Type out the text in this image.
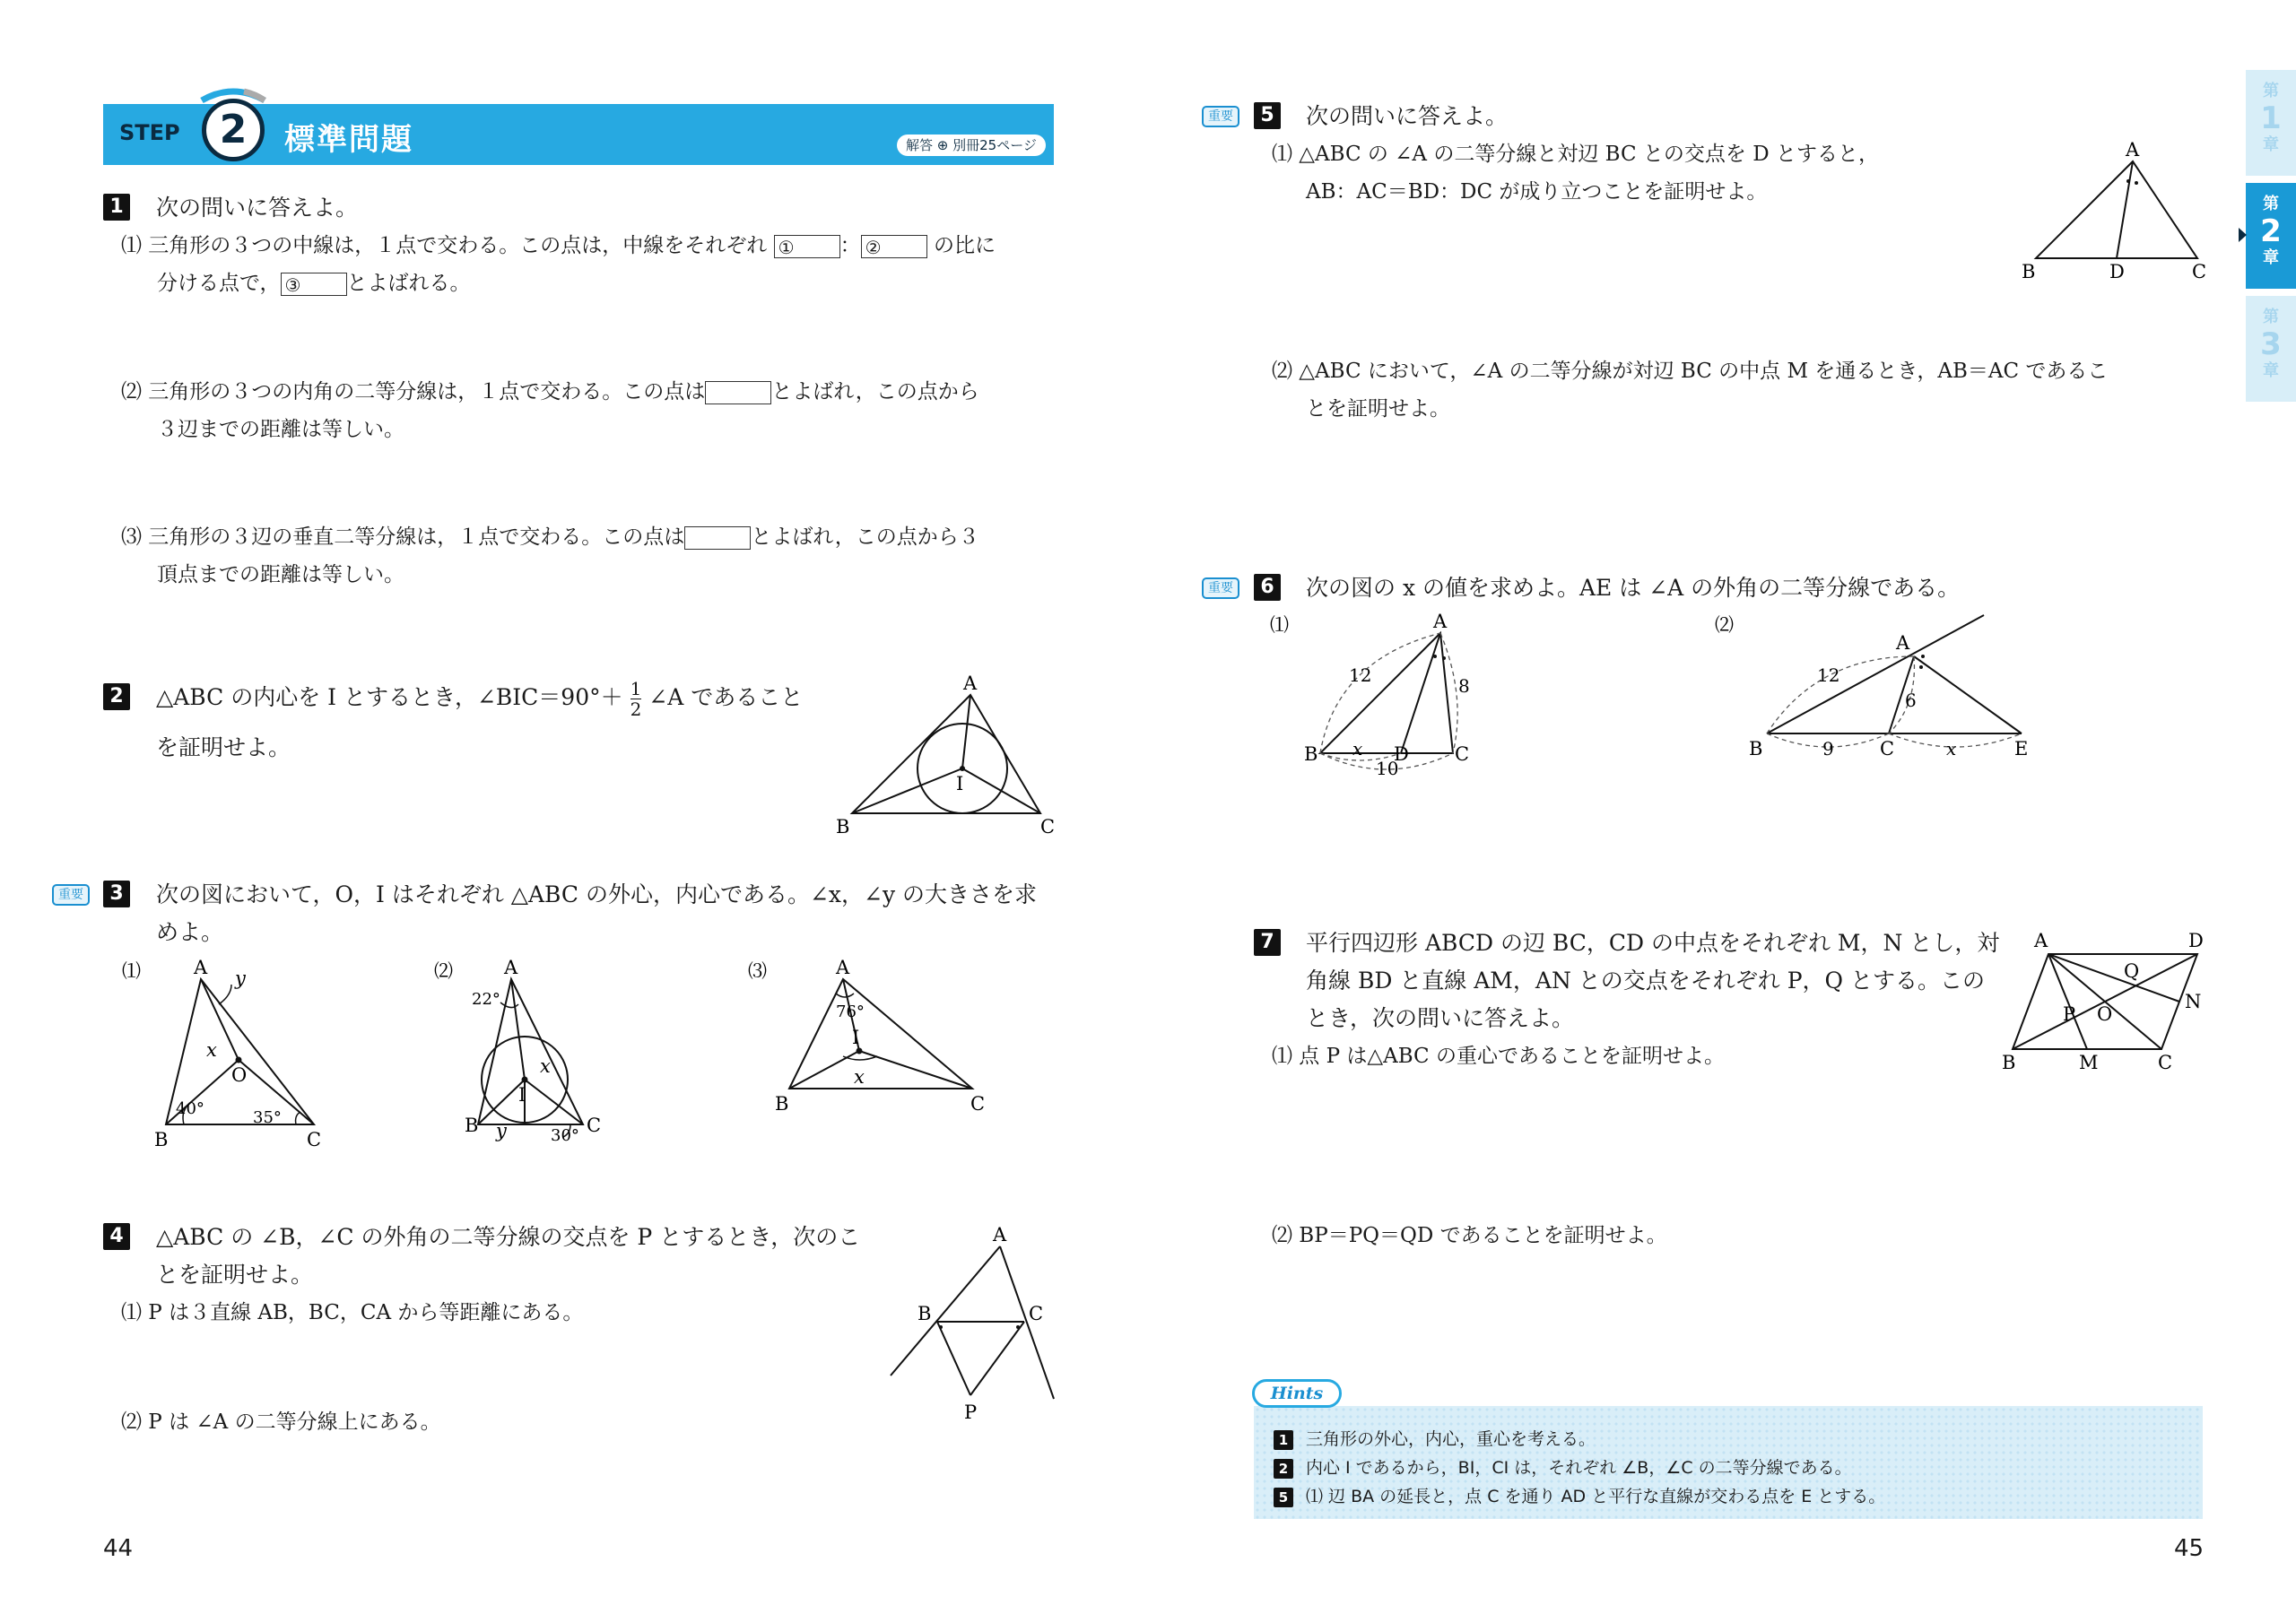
STEP	2	標準問題	解答 ⊕ 別冊25ページ
第
1
章
第
2
章
第
3
章
1 次の問いに答えよ。
⑴ 三角形の３つの中線は，１点で交わる。この点は，中線をそれぞれ ① ： ②	の比に
分ける点で， ③ とよばれる。
⑵ 三角形の３つの内角の二等分線は，１点で交わる。この点は	とよばれ，この点から
３辺までの距離は等しい。
⑶ 三角形の３辺の垂直二等分線は，１点で交わる。この点は	とよばれ，この点から３
頂点までの距離は等しい。
2 △ABC の内心を I とするとき，∠BIC＝90°＋ $\frac{1}{2}$ ∠A であること
を証明せよ。
A
B	C
I
重要	3 次の図において，O，I はそれぞれ △ABC の外心，内心である。∠x，∠y の大きさを求
めよ。
⑴	A
B	C
O
x
y
40°	35°
⑵	A
B	C
I
x
y
22°
30°
⑶	A
B	C
I
x
76°
4 △ABC の ∠B，∠C の外角の二等分線の交点を P とするとき，次のこ
とを証明せよ。
⑴ P は３直線 AB，BC，CA から等距離にある。
⑵ P は ∠A の二等分線上にある。
A
B	C
P
重要	5 次の問いに答えよ。
⑴ △ABC の ∠A の二等分線と対辺 BC との交点を D とすると，
AB：AC＝BD：DC が成り立つことを証明せよ。
⑵ △ABC において，∠A の二等分線が対辺 BC の中点 M を通るとき，AB＝AC であるこ
とを証明せよ。
A
B	D	C
重要	6 次の図の x の値を求めよ。AE は ∠A の外角の二等分線である。
⑴	A
B	D C
x
12	8
10
⑵
A
B	C	E
x
12
6
9
7 平行四辺形 ABCD の辺 BC，CD の中点をそれぞれ M，N とし，対
角線 BD と直線 AM，AN との交点をそれぞれ P，Q とする。この
とき，次の問いに答えよ。
⑴ 点 P は△ABC の重心であることを証明せよ。
⑵ BP＝PQ＝QD であることを証明せよ。
A	D
B	M	C
N
Q
P O
1 三角形の外心，内心，重心を考える。
2 内心 I であるから，BI，CI は，それぞれ ∠B，∠C の二等分線である。
5 ⑴ 辺 BA の延長と，点 C を通り AD と平行な直線が交わる点を E とする。
Hints
44	45
